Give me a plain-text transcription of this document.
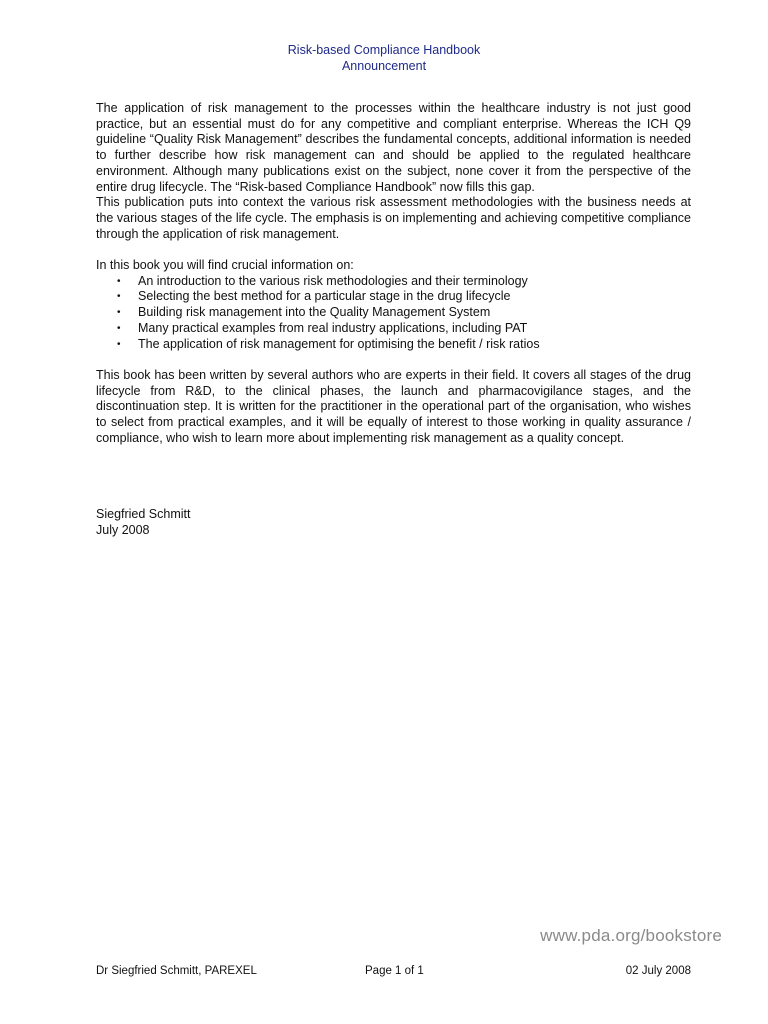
Risk-based Compliance Handbook
Announcement

The application of risk management to the processes within the healthcare industry is not just good practice, but an essential must do for any competitive and compliant enterprise. Whereas the ICH Q9 guideline “Quality Risk Management” describes the fundamental concepts, additional information is needed to further describe how risk management can and should be applied to the regulated healthcare environment. Although many publications exist on the subject, none cover it from the perspective of the entire drug lifecycle. The “Risk-based Compliance Handbook” now fills this gap.

This publication puts into context the various risk assessment methodologies with the business needs at the various stages of the life cycle. The emphasis is on implementing and achieving competitive compliance through the application of risk management.

In this book you will find crucial information on:

• An introduction to the various risk methodologies and their terminology
• Selecting the best method for a particular stage in the drug lifecycle
• Building risk management into the Quality Management System
• Many practical examples from real industry applications, including PAT
• The application of risk management for optimising the benefit / risk ratios

This book has been written by several authors who are experts in their field. It covers all stages of the drug lifecycle from R&D, to the clinical phases, the launch and pharmacovigilance stages, and the discontinuation step. It is written for the practitioner in the operational part of the organisation, who wishes to select from practical examples, and it will be equally of interest to those working in quality assurance / compliance, who wish to learn more about implementing risk management as a quality concept.

Siegfried Schmitt
July 2008
www.pda.org/bookstore
Dr Siegfried Schmitt, PAREXEL	Page 1 of 1	02 July 2008
